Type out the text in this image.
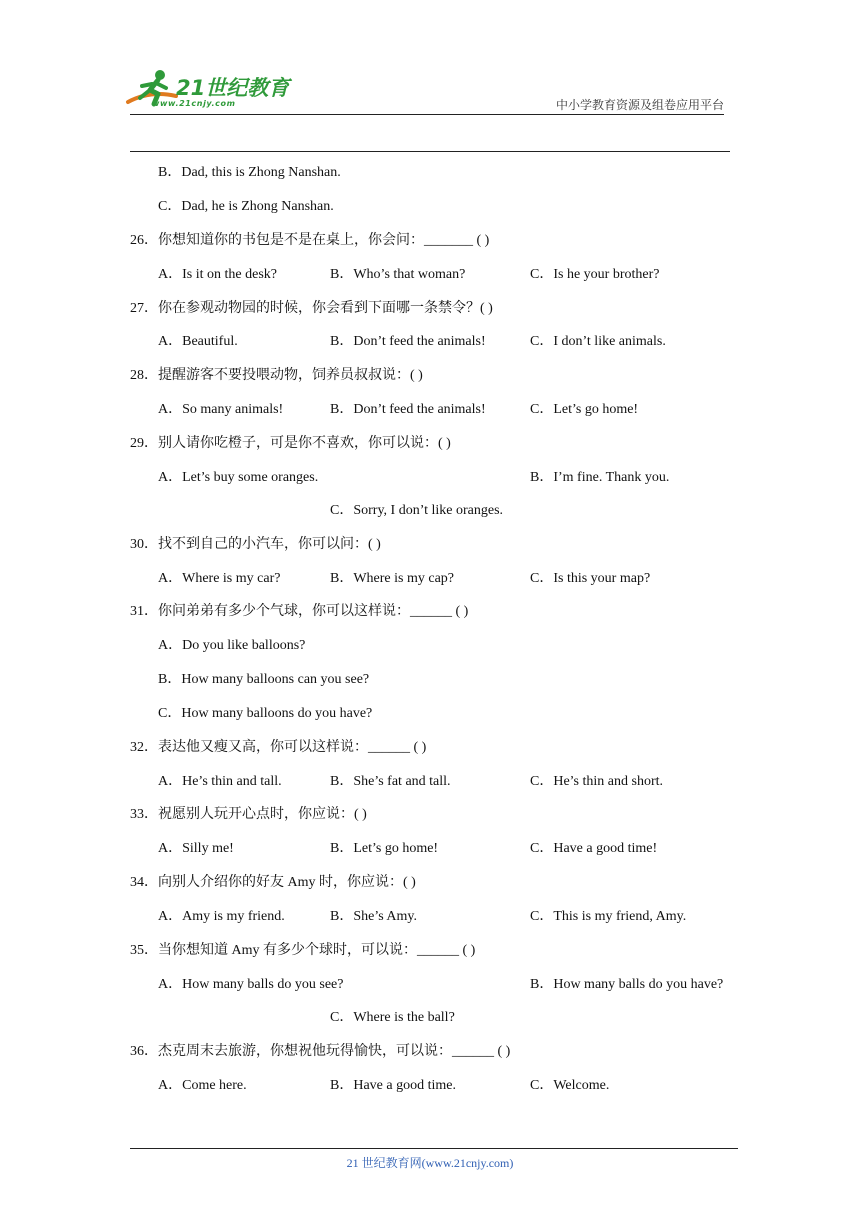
21世纪教育
www.21cnjy.com	中小学教育资源及组卷应用平台
B．Dad, this is Zhong Nanshan.
C．Dad, he is Zhong Nanshan.
26．你想知道你的书包是不是在桌上，你会问：_______ ( )
A．Is it on the desk?	B．Who’s that woman?	C．Is he your brother?
27．你在参观动物园的时候，你会看到下面哪一条禁令？( )
A．Beautiful.	B．Don’t feed the animals!	C．I don’t like animals.
28．提醒游客不要投喂动物，饲养员叔叔说：( )
A．So many animals!	B．Don’t feed the animals!	C．Let’s go home!
29．别人请你吃橙子，可是你不喜欢，你可以说：( )
A．Let’s buy some oranges.	B．I’m fine. Thank you.
C．Sorry, I don’t like oranges.
30．找不到自己的小汽车，你可以问：( )
A．Where is my car?	B．Where is my cap?	C．Is this your map?
31．你问弟弟有多少个气球，你可以这样说：______ ( )
A．Do you like balloons?
B．How many balloons can you see?
C．How many balloons do you have?
32．表达他又瘦又高，你可以这样说：______ ( )
A．He’s thin and tall.	B．She’s fat and tall.	C．He’s thin and short.
33．祝愿别人玩开心点时，你应说：( )
A．Silly me!	B．Let’s go home!	C．Have a good time!
34．向别人介绍你的好友 Amy 时，你应说：( )
A．Amy is my friend.	B．She’s Amy.	C．This is my friend, Amy.
35．当你想知道 Amy 有多少个球时，可以说：______ ( )
A．How many balls do you see?	B．How many balls do you have?
C．Where is the ball?
36．杰克周末去旅游，你想祝他玩得愉快，可以说：______ ( )
A．Come here.	B．Have a good time.	C．Welcome.
21 世纪教育网(www.21cnjy.com)
